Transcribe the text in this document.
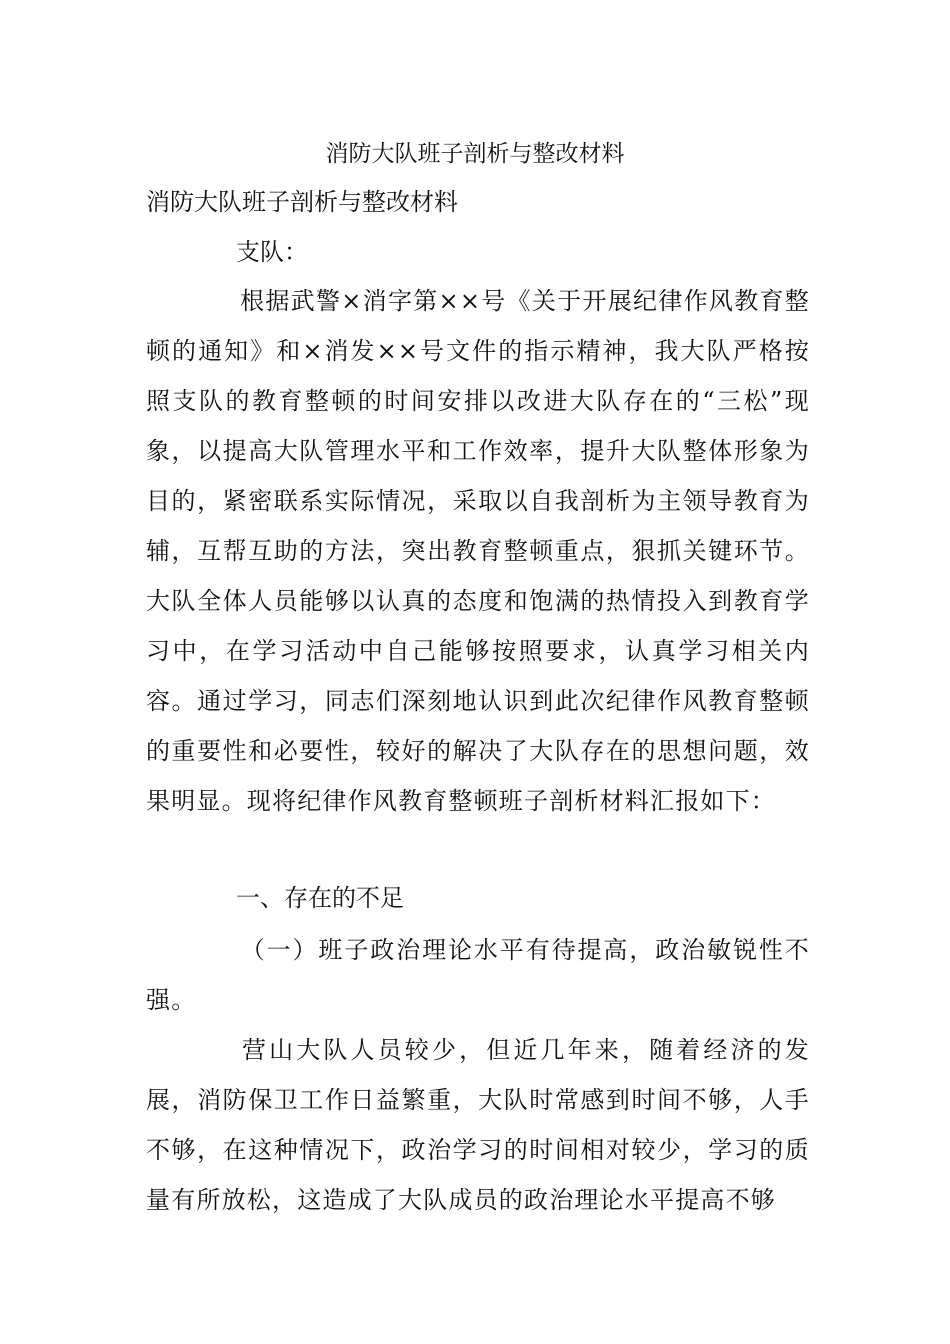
消防大队班子剖析与整改材料
消防大队班子剖析与整改材料
支队：

根据武警×消字第××号《关于开展纪律作风教育整顿的通知》和×消发××号文件的指示精神，我大队严格按照支队的教育整顿的时间安排以改进大队存在的“三松”现象，以提高大队管理水平和工作效率，提升大队整体形象为目的，紧密联系实际情况，采取以自我剖析为主领导教育为辅，互帮互助的方法，突出教育整顿重点，狠抓关键环节。大队全体人员能够以认真的态度和饱满的热情投入到教育学习中，在学习活动中自己能够按照要求，认真学习相关内容。通过学习，同志们深刻地认识到此次纪律作风教育整顿的重要性和必要性，较好的解决了大队存在的思想问题，效果明显。现将纪律作风教育整顿班子剖析材料汇报如下：

一、存在的不足

（一）班子政治理论水平有待提高，政治敏锐性不强。

营山大队人员较少，但近几年来，随着经济的发展，消防保卫工作日益繁重，大队时常感到时间不够，人手不够，在这种情况下，政治学习的时间相对较少，学习的质量有所放松，这造成了大队成员的政治理论水平提高不够
